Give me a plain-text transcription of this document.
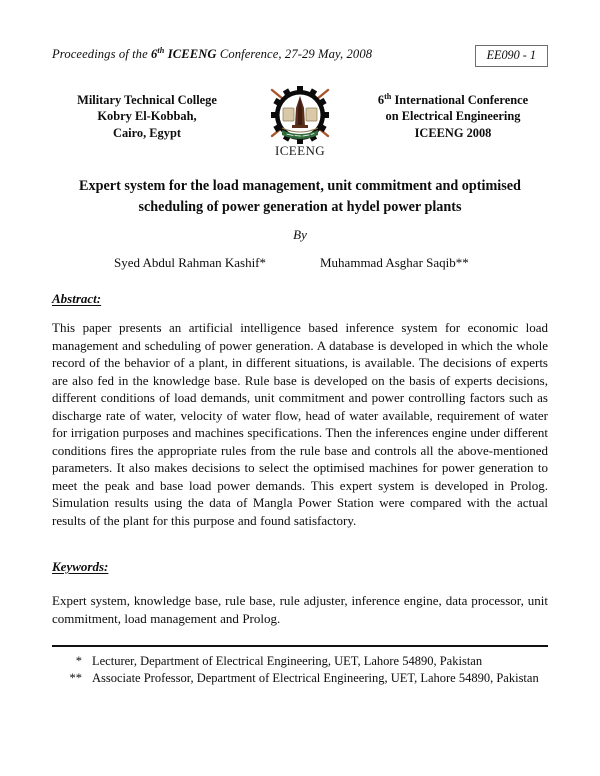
Proceedings of the 6th ICEENG Conference, 27-29 May, 2008	EE090 - 1
Military Technical College
Kobry El-Kobbah,
Cairo, Egypt
ICEENG
6th International Conference
on Electrical Engineering
ICEENG 2008
Expert system for the load management, unit commitment and optimised scheduling of power generation at hydel power plants
By
Syed Abdul Rahman Kashif*	Muhammad Asghar Saqib**
Abstract:
This paper presents an artificial intelligence based inference system for economic load management and scheduling of power generation. A database is developed in which the whole record of the behavior of a plant, in different situations, is available. The decisions of experts are also fed in the knowledge base. Rule base is developed on the basis of experts decisions, different conditions of load demands, unit commitment and power controlling factors such as discharge rate of water, velocity of water flow, head of water available, requirement of water for irrigation purposes and machines specifications. Then the inferences engine under different conditions fires the appropriate rules from the rule base and controls all the above-mentioned parameters. It also makes decisions to select the optimised machines for power generation to meet the peak and base load power demands. This expert system is developed in Prolog. Simulation results using the data of Mangla Power Station were compared with the actual results of the plant for this purpose and found satisfactory.
Keywords:
Expert system, knowledge base, rule base, rule adjuster, inference engine, data processor, unit commitment, load management and Prolog.
* Lecturer, Department of Electrical Engineering, UET, Lahore 54890, Pakistan
** Associate Professor, Department of Electrical Engineering, UET, Lahore 54890, Pakistan
